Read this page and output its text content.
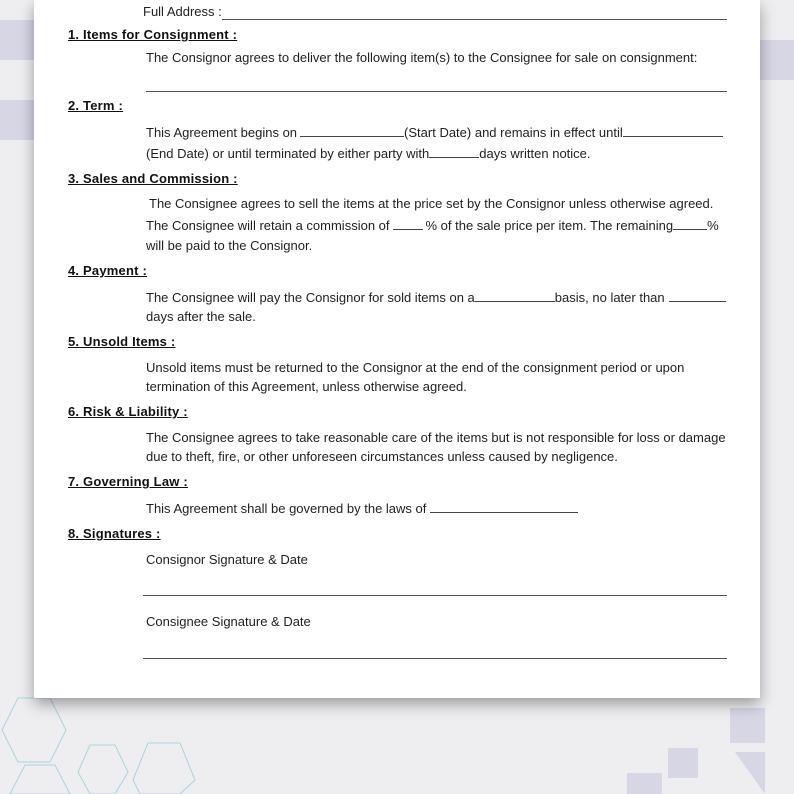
Full Address :
1. Items for Consignment :
The Consignor agrees to deliver the following item(s) to the Consignee for sale on consignment:
2. Term :
This Agreement begins on	(Start Date) and remains in effect until
(End Date) or until terminated by either party with	days written notice.
3. Sales and Commission :
The Consignee agrees to sell the items at the price set by the Consignor unless otherwise agreed.
The Consignee will retain a commission of	% of the sale price per item. The remaining	%
will be paid to the Consignor.
4. Payment :
The Consignee will pay the Consignor for sold items on a	basis, no later than
days after the sale.
5. Unsold Items :
Unsold items must be returned to the Consignor at the end of the consignment period or upon
termination of this Agreement, unless otherwise agreed.
6. Risk & Liability :
The Consignee agrees to take reasonable care of the items but is not responsible for loss or damage
due to theft, fire, or other unforeseen circumstances unless caused by negligence.
7. Governing Law :
This Agreement shall be governed by the laws of
8. Signatures :
Consignor Signature & Date
Consignee Signature & Date
